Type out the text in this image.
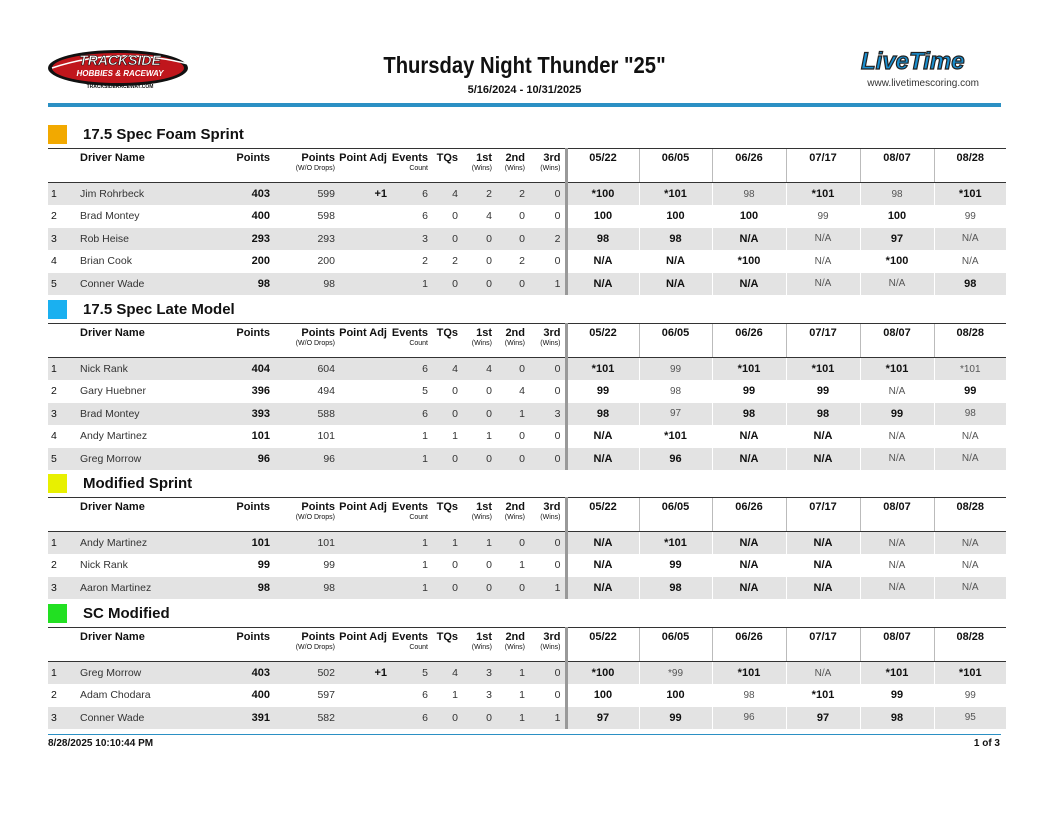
TRACKSIDE
HOBBIES & RACEWAY
TRACKSIDERACEWAY.COM
Thursday Night Thunder "25"
5/16/2024 - 10/31/2025
LiveTime
www.livetimescoring.com
17.5 Spec Foam Sprint
	Driver Name	Points	Points
(W/O Drops)	Point Adj	Events
Count	TQs	1st
(Wins)	2nd
(Wins)	3rd
(Wins)	05/22	06/05	06/26	07/17	08/07	08/28
1	Jim Rohrbeck	403	599	+1	6	4	2	2	0	*100	*101	98	*101	98	*101
2	Brad Montey	400	598		6	0	4	0	0	100	100	100	99	100	99
3	Rob Heise	293	293		3	0	0	0	2	98	98	N/A	N/A	97	N/A
4	Brian Cook	200	200		2	2	0	2	0	N/A	N/A	*100	N/A	*100	N/A
5	Conner Wade	98	98		1	0	0	0	1	N/A	N/A	N/A	N/A	N/A	98
17.5 Spec Late Model
	Driver Name	Points	Points
(W/O Drops)	Point Adj	Events
Count	TQs	1st
(Wins)	2nd
(Wins)	3rd
(Wins)	05/22	06/05	06/26	07/17	08/07	08/28
1	Nick Rank	404	604		6	4	4	0	0	*101	99	*101	*101	*101	*101
2	Gary Huebner	396	494		5	0	0	4	0	99	98	99	99	N/A	99
3	Brad Montey	393	588		6	0	0	1	3	98	97	98	98	99	98
4	Andy Martinez	101	101		1	1	1	0	0	N/A	*101	N/A	N/A	N/A	N/A
5	Greg Morrow	96	96		1	0	0	0	0	N/A	96	N/A	N/A	N/A	N/A
Modified Sprint
	Driver Name	Points	Points
(W/O Drops)	Point Adj	Events
Count	TQs	1st
(Wins)	2nd
(Wins)	3rd
(Wins)	05/22	06/05	06/26	07/17	08/07	08/28
1	Andy Martinez	101	101		1	1	1	0	0	N/A	*101	N/A	N/A	N/A	N/A
2	Nick Rank	99	99		1	0	0	1	0	N/A	99	N/A	N/A	N/A	N/A
3	Aaron Martinez	98	98		1	0	0	0	1	N/A	98	N/A	N/A	N/A	N/A
SC Modified
	Driver Name	Points	Points
(W/O Drops)	Point Adj	Events
Count	TQs	1st
(Wins)	2nd
(Wins)	3rd
(Wins)	05/22	06/05	06/26	07/17	08/07	08/28
1	Greg Morrow	403	502	+1	5	4	3	1	0	*100	*99	*101	N/A	*101	*101
2	Adam Chodara	400	597		6	1	3	1	0	100	100	98	*101	99	99
3	Conner Wade	391	582		6	0	0	1	1	97	99	96	97	98	95
8/28/2025 10:10:44 PM	1 of 3
